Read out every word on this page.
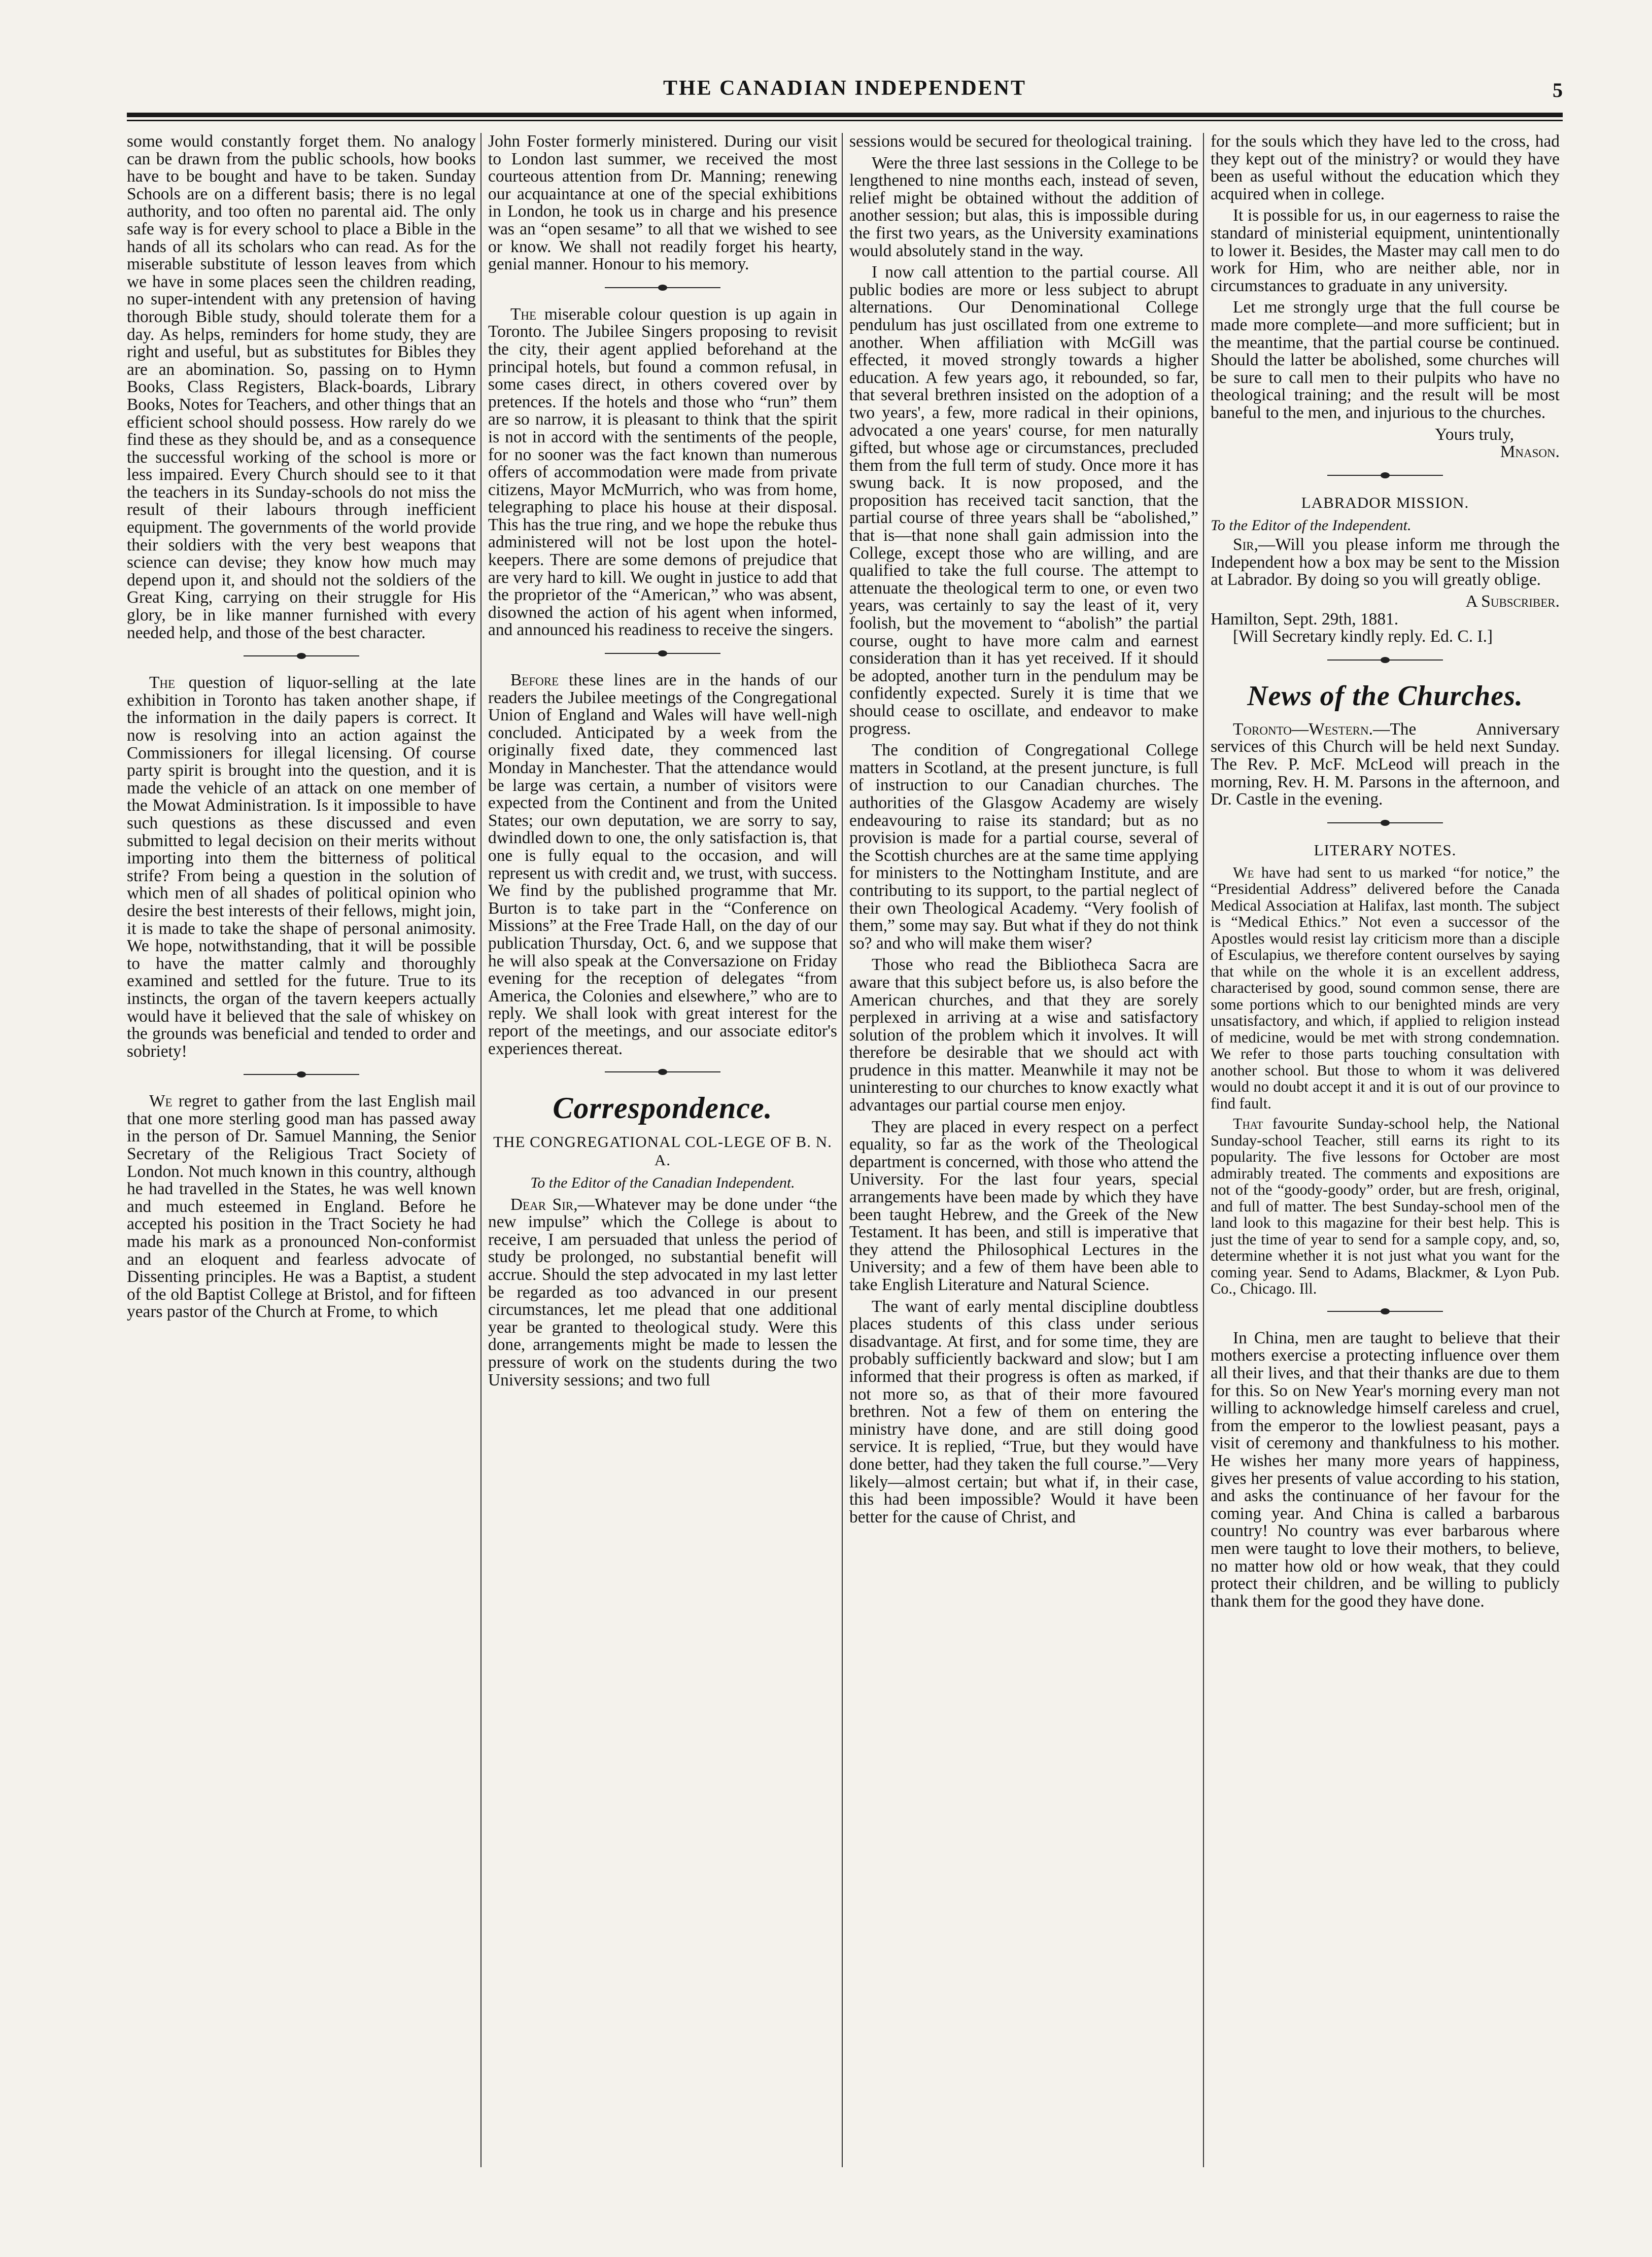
THE CANADIAN INDEPENDENT	5

some would constantly forget them. No analogy can be drawn from the public schools, how books have to be bought and have to be taken. Sunday Schools are on a different basis; there is no legal authority, and too often no parental aid. The only safe way is for every school to place a Bible in the hands of all its scholars who can read. As for the miserable substitute of lesson leaves from which we have in some places seen the children reading, no super-intendent with any pretension of having thorough Bible study, should tolerate them for a day. As helps, reminders for home study, they are right and useful, but as substitutes for Bibles they are an abomination. So, passing on to Hymn Books, Class Registers, Black-boards, Library Books, Notes for Teachers, and other things that an efficient school should possess. How rarely do we find these as they should be, and as a consequence the successful working of the school is more or less impaired. Every Church should see to it that the teachers in its Sunday-schools do not miss the result of their labours through inefficient equipment. The governments of the world provide their soldiers with the very best weapons that science can devise; they know how much may depend upon it, and should not the soldiers of the Great King, carrying on their struggle for His glory, be in like manner furnished with every needed help, and those of the best character.

The question of liquor-selling at the late exhibition in Toronto has taken another shape, if the information in the daily papers is correct. It now is resolving into an action against the Commissioners for illegal licensing. Of course party spirit is brought into the question, and it is made the vehicle of an attack on one member of the Mowat Administration. Is it impossible to have such questions as these discussed and even submitted to legal decision on their merits without importing into them the bitterness of political strife? From being a question in the solution of which men of all shades of political opinion who desire the best interests of their fellows, might join, it is made to take the shape of personal animosity. We hope, notwithstanding, that it will be possible to have the matter calmly and thoroughly examined and settled for the future. True to its instincts, the organ of the tavern keepers actually would have it believed that the sale of whiskey on the grounds was beneficial and tended to order and sobriety!

We regret to gather from the last English mail that one more sterling good man has passed away in the person of Dr. Samuel Manning, the Senior Secretary of the Religious Tract Society of London. Not much known in this country, although he had travelled in the States, he was well known and much esteemed in England. Before he accepted his position in the Tract Society he had made his mark as a pronounced Non-conformist and an eloquent and fearless advocate of Dissenting principles. He was a Baptist, a student of the old Baptist College at Bristol, and for fifteen years pastor of the Church at Frome, to which

John Foster formerly ministered. During our visit to London last summer, we received the most courteous attention from Dr. Manning; renewing our acquaintance at one of the special exhibitions in London, he took us in charge and his presence was an “open sesame” to all that we wished to see or know. We shall not readily forget his hearty, genial manner. Honour to his memory.

The miserable colour question is up again in Toronto. The Jubilee Singers proposing to revisit the city, their agent applied beforehand at the principal hotels, but found a common refusal, in some cases direct, in others covered over by pretences. If the hotels and those who “run” them are so narrow, it is pleasant to think that the spirit is not in accord with the sentiments of the people, for no sooner was the fact known than numerous offers of accommodation were made from private citizens, Mayor McMurrich, who was from home, telegraphing to place his house at their disposal. This has the true ring, and we hope the rebuke thus administered will not be lost upon the hotel-keepers. There are some demons of prejudice that are very hard to kill. We ought in justice to add that the proprietor of the “American,” who was absent, disowned the action of his agent when informed, and announced his readiness to receive the singers.

Before these lines are in the hands of our readers the Jubilee meetings of the Congregational Union of England and Wales will have well-nigh concluded. Anticipated by a week from the originally fixed date, they commenced last Monday in Manchester. That the attendance would be large was certain, a number of visitors were expected from the Continent and from the United States; our own deputation, we are sorry to say, dwindled down to one, the only satisfaction is, that one is fully equal to the occasion, and will represent us with credit and, we trust, with success. We find by the published programme that Mr. Burton is to take part in the “Conference on Missions” at the Free Trade Hall, on the day of our publication Thursday, Oct. 6, and we suppose that he will also speak at the Conversazione on Friday evening for the reception of delegates “from America, the Colonies and elsewhere,” who are to reply. We shall look with great interest for the report of the meetings, and our associate editor's experiences thereat.

Correspondence.
THE CONGREGATIONAL COL-LEGE OF B. N. A.
To the Editor of the Canadian Independent.

Dear Sir,—Whatever may be done under “the new impulse” which the College is about to receive, I am persuaded that unless the period of study be prolonged, no substantial benefit will accrue. Should the step advocated in my last letter be regarded as too advanced in our present circumstances, let me plead that one additional year be granted to theological study. Were this done, arrangements might be made to lessen the pressure of work on the students during the two University sessions; and two full

sessions would be secured for theological training.

Were the three last sessions in the College to be lengthened to nine months each, instead of seven, relief might be obtained without the addition of another session; but alas, this is impossible during the first two years, as the University examinations would absolutely stand in the way.

I now call attention to the partial course. All public bodies are more or less subject to abrupt alternations. Our Denominational College pendulum has just oscillated from one extreme to another. When affiliation with McGill was effected, it moved strongly towards a higher education. A few years ago, it rebounded, so far, that several brethren insisted on the adoption of a two years', a few, more radical in their opinions, advocated a one years' course, for men naturally gifted, but whose age or circumstances, precluded them from the full term of study. Once more it has swung back. It is now proposed, and the proposition has received tacit sanction, that the partial course of three years shall be “abolished,” that is—that none shall gain admission into the College, except those who are willing, and are qualified to take the full course. The attempt to attenuate the theological term to one, or even two years, was certainly to say the least of it, very foolish, but the movement to “abolish” the partial course, ought to have more calm and earnest consideration than it has yet received. If it should be adopted, another turn in the pendulum may be confidently expected. Surely it is time that we should cease to oscillate, and endeavor to make progress.

The condition of Congregational College matters in Scotland, at the present juncture, is full of instruction to our Canadian churches. The authorities of the Glasgow Academy are wisely endeavouring to raise its standard; but as no provision is made for a partial course, several of the Scottish churches are at the same time applying for ministers to the Nottingham Institute, and are contributing to its support, to the partial neglect of their own Theological Academy. “Very foolish of them,” some may say. But what if they do not think so? and who will make them wiser?

Those who read the Bibliotheca Sacra are aware that this subject before us, is also before the American churches, and that they are sorely perplexed in arriving at a wise and satisfactory solution of the problem which it involves. It will therefore be desirable that we should act with prudence in this matter. Meanwhile it may not be uninteresting to our churches to know exactly what advantages our partial course men enjoy.

They are placed in every respect on a perfect equality, so far as the work of the Theological department is concerned, with those who attend the University. For the last four years, special arrangements have been made by which they have been taught Hebrew, and the Greek of the New Testament. It has been, and still is imperative that they attend the Philosophical Lectures in the University; and a few of them have been able to take English Literature and Natural Science.

The want of early mental discipline doubtless places students of this class under serious disadvantage. At first, and for some time, they are probably sufficiently backward and slow; but I am informed that their progress is often as marked, if not more so, as that of their more favoured brethren. Not a few of them on entering the ministry have done, and are still doing good service. It is replied, “True, but they would have done better, had they taken the full course.”—Very likely—almost certain; but what if, in their case, this had been impossible? Would it have been better for the cause of Christ, and

for the souls which they have led to the cross, had they kept out of the ministry? or would they have been as useful without the education which they acquired when in college.

It is possible for us, in our eagerness to raise the standard of ministerial equipment, unintentionally to lower it. Besides, the Master may call men to do work for Him, who are neither able, nor in circumstances to graduate in any university.

Let me strongly urge that the full course be made more complete—and more sufficient; but in the meantime, that the partial course be continued. Should the latter be abolished, some churches will be sure to call men to their pulpits who have no theological training; and the result will be most baneful to the men, and injurious to the churches.

Yours truly,
Mnason.
LABRADOR MISSION.
To the Editor of the Independent.

Sir,—Will you please inform me through the Independent how a box may be sent to the Mission at Labrador. By doing so you will greatly oblige.

A Subscriber.

Hamilton, Sept. 29th, 1881.

[Will Secretary kindly reply. Ed. C. I.]

News of the Churches.

Toronto—Western.—The Anniversary services of this Church will be held next Sunday. The Rev. P. McF. McLeod will preach in the morning, Rev. H. M. Parsons in the afternoon, and Dr. Castle in the evening.

LITERARY NOTES.

We have had sent to us marked “for notice,” the “Presidential Address” delivered before the Canada Medical Association at Halifax, last month. The subject is “Medical Ethics.” Not even a successor of the Apostles would resist lay criticism more than a disciple of Esculapius, we therefore content ourselves by saying that while on the whole it is an excellent address, characterised by good, sound common sense, there are some portions which to our benighted minds are very unsatisfactory, and which, if applied to religion instead of medicine, would be met with strong condemnation. We refer to those parts touching consultation with another school. But those to whom it was delivered would no doubt accept it and it is out of our province to find fault.

That favourite Sunday-school help, the National Sunday-school Teacher, still earns its right to its popularity. The five lessons for October are most admirably treated. The comments and expositions are not of the “goody-goody” order, but are fresh, original, and full of matter. The best Sunday-school men of the land look to this magazine for their best help. This is just the time of year to send for a sample copy, and, so, determine whether it is not just what you want for the coming year. Send to Adams, Blackmer, & Lyon Pub. Co., Chicago. Ill.

In China, men are taught to believe that their mothers exercise a protecting influence over them all their lives, and that their thanks are due to them for this. So on New Year's morning every man not willing to acknowledge himself careless and cruel, from the emperor to the lowliest peasant, pays a visit of ceremony and thankfulness to his mother. He wishes her many more years of happiness, gives her presents of value according to his station, and asks the continuance of her favour for the coming year. And China is called a barbarous country! No country was ever barbarous where men were taught to love their mothers, to believe, no matter how old or how weak, that they could protect their children, and be willing to publicly thank them for the good they have done.
